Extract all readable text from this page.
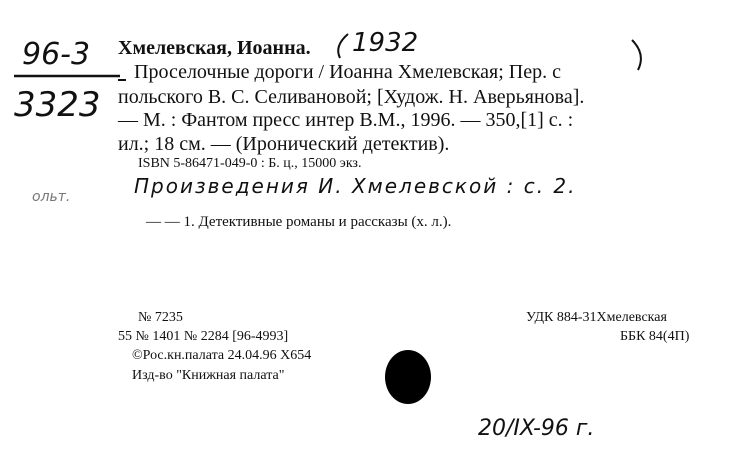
96-3
3323
ольт.
Хмелевская, Иоанна. 1932
Проселочные дороги / Иоанна Хмелевская; Пер. с
польского В. С. Селивановой; [Худож. Н. Аверьянова].
— М. : Фантом пресс интер В.М., 1996. — 350,[1] с. :
ил.; 18 см. — (Иронический детектив).
ISBN 5-86471-049-0 : Б. ц., 15000 экз.
Произведения И. Хмелевской : с. 2.
— — 1. Детективные романы и рассказы (х. л.).
№ 7235
55 № 1401 № 2284 [96-4993]
©Рос.кн.палата 24.04.96 Х654
Изд-во "Книжная палата"
УДК 884-31Хмелевская
ББК 84(4П)
20/IX-96 г.
